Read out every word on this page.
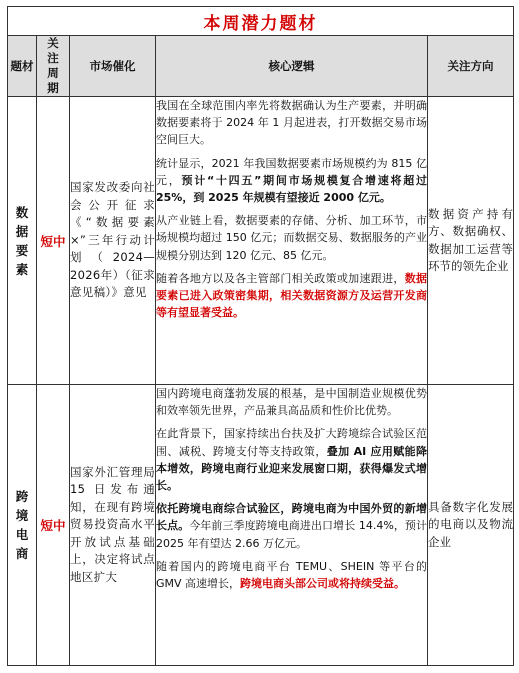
本周潜力题材				
题材	关注周期	市场催化	核心逻辑	关注方向
数据要素	短中	国家发改委向社会公开征求《“数据要素×”三年行动计划（2024—2026年）（征求意见稿）》意见	我国在全球范围内率先将数据确认为生产要素，并明确数据要素将于 2024 年 1 月起进表，打开数据交易市场空间巨大。

统计显示，2021 年我国数据要素市场规模约为 815 亿元，预计“十四五”期间市场规模复合增速将超过 25%，到 2025 年规模有望接近 2000 亿元。

从产业链上看，数据要素的存储、分析、加工环节，市场规模均超过 150 亿元；而数据交易、数据服务的产业规模分别达到 120 亿元、85 亿元。

随着各地方以及各主管部门相关政策或加速跟进，数据要素已进入政策密集期，相关数据资源方及运营开发商等有望显著受益。	数据资产持有方、数据确权、数据加工运营等环节的领先企业
跨境电商	短中	国家外汇管理局 15 日发布通知，在现有跨境贸易投资高水平开放试点基础上，决定将试点地区扩大	国内跨境电商蓬勃发展的根基，是中国制造业规模优势和效率领先世界，产品兼具高品质和性价比优势。

在此背景下，国家持续出台扶及扩大跨境综合试验区范围、减税、跨境支付等支持政策，叠加 AI 应用赋能降本增效，跨境电商行业迎来发展窗口期，获得爆发式增长。

依托跨境电商综合试验区，跨境电商为中国外贸的新增长点。今年前三季度跨境电商进出口增长 14.4%，预计 2025 年有望达 2.66 万亿元。

随着国内的跨境电商平台 TEMU、SHEIN 等平台的 GMV 高速增长，跨境电商头部公司或将持续受益。	具备数字化发展的电商以及物流企业
